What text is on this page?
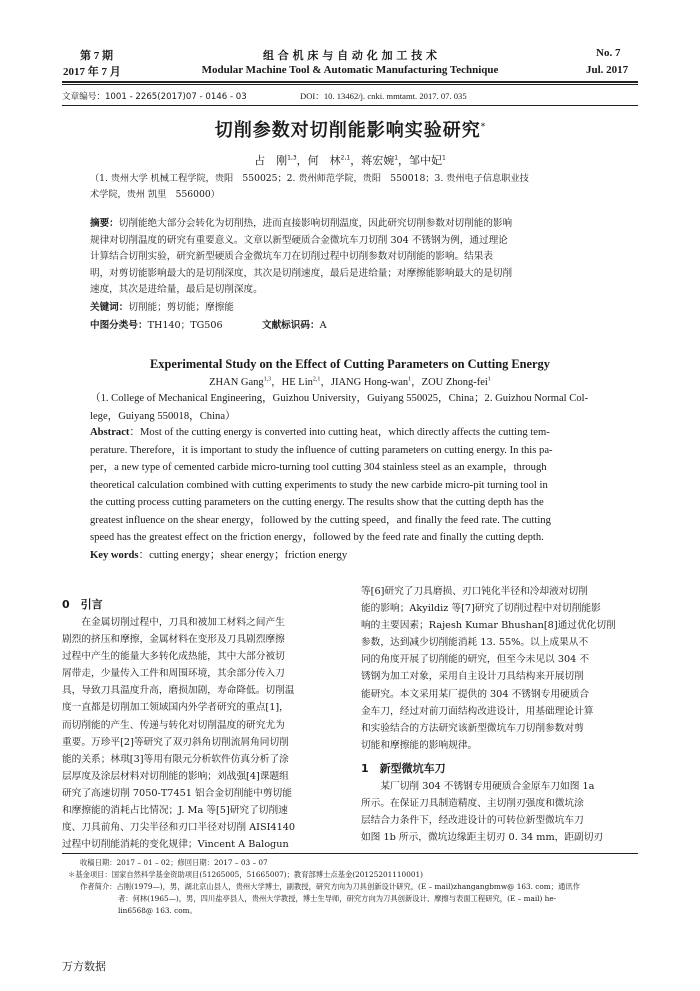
第 7 期
2017 年 7 月
组 合 机 床 与 自 动 化 加 工 技 术
Modular Machine Tool & Automatic Manufacturing Technique
No. 7
Jul. 2017
文章编号：1001 - 2265(2017)07 - 0146 - 03	DOI：10. 13462/j. cnki. mmtamt. 2017. 07. 035
切削参数对切削能影响实验研究*
占　刚$^{1,3}$，何　林$^{2,1}$，蒋宏婉$^1$，邹中妃$^1$
（1. 贵州大学 机械工程学院，贵阳　550025；2. 贵州师范学院，贵阳　550018；3. 贵州电子信息职业技
术学院，贵州 凯里　556000）
摘要：切削能绝大部分会转化为切削热，进而直接影响切削温度，因此研究切削参数对切削能的影响
规律对切削温度的研究有重要意义。文章以新型硬质合金微坑车刀切削 304 不锈钢为例，通过理论
计算结合切削实验，研究新型硬质合金微坑车刀在切削过程中切削参数对切削能的影响。结果表
明，对剪切能影响最大的是切削深度，其次是切削速度，最后是进给量；对摩擦能影响最大的是切削
速度，其次是进给量，最后是切削深度。
关键词：切削能；剪切能；摩擦能
中图分类号：TH140；TG506	文献标识码：A
Experimental Study on the Effect of Cutting Parameters on Cutting Energy
ZHAN Gang$^{1,3}$，HE Lin$^{2,1}$，JIANG Hong-wan$^1$，ZOU Zhong-fei$^1$
（1. College of Mechanical Engineering，Guizhou University，Guiyang 550025，China；2. Guizhou Normal Col-
lege，Guiyang 550018，China）
Abstract：Most of the cutting energy is converted into cutting heat，which directly affects the cutting tem-
perature. Therefore，it is important to study the influence of cutting parameters on cutting energy. In this pa-
per，a new type of cemented carbide micro-turning tool cutting 304 stainless steel as an example，through
theoretical calculation combined with cutting experiments to study the new carbide micro-pit turning tool in
the cutting process cutting parameters on the cutting energy. The results show that the cutting depth has the
greatest influence on the shear energy，followed by the cutting speed，and finally the feed rate. The cutting
speed has the greatest effect on the friction energy，followed by the feed rate and finally the cutting depth.
Key words：cutting energy；shear energy；friction energy
0　引言
　　在金属切削过程中，刀具和被加工材料之间产生
剧烈的挤压和摩擦，金属材料在变形及刀具剧烈摩擦
过程中产生的能量大多转化成热能，其中大部分被切
屑带走，少量传入工件和周围环境，其余部分传入刀
具，导致刀具温度升高，磨损加剧，寿命降低。切削温
度一直都是切削加工领域国内外学者研究的重点[1]，
而切削能的产生、传递与转化对切削温度的研究尤为
重要。万珍平[2]等研究了双刃斜角切削流屑角同切削
能的关系；林琪[3]等用有限元分析软件仿真分析了涂
层厚度及涂层材料对切削能的影响；刘战强[4]课题组
研究了高速切削 7050-T7451 铝合金切削能中剪切能
和摩擦能的消耗占比情况；J. Ma 等[5]研究了切削速
度、刀具前角、刀尖半径和刃口半径对切削 AISI4140
过程中切削能消耗的变化规律；Vincent A Balogun
等[6]研究了刀具磨损、刃口钝化半径和冷却液对切削
能的影响；Akyildiz 等[7]研究了切削过程中对切削能影
响的主要因素；Rajesh Kumar Bhushan[8]通过优化切削
参数，达到减少切削能消耗 13. 55%。以上成果从不
同的角度开展了切削能的研究，但至今未见以 304 不
锈钢为加工对象，采用自主设计刀具结构来开展切削
能研究。本文采用某厂提供的 304 不锈钢专用硬质合
金车刀，经过对前刀面结构改进设计，用基础理论计算
和实验结合的方法研究该新型微坑车刀切削参数对剪
切能和摩擦能的影响规律。
1　新型微坑车刀
　　某厂切削 304 不锈钢专用硬质合金原车刀如图 1a
所示。在保证刀具制造精度、主切削刃强度和微坑涂
层结合力条件下，经改进设计的可转位新型微坑车刀
如图 1b 所示，微坑边缘距主切刃 0. 34 mm，距副切刃
收稿日期：2017 – 01 – 02；修回日期：2017 – 03 – 07
＊基金项目：国家自然科学基金资助项目(51265005，51665007)；教育部博士点基金(20125201110001)
作者简介：占刚(1979—)，男，湖北京山县人，贵州大学博士，副教授，研究方向为刀具创新设计研究，(E – mail)zhangangbmw@ 163. com；通讯作
者：何林(1965—)，男，四川盐亭县人，贵州大学教授，博士生导师，研究方向为刀具创新设计、摩擦与表面工程研究，(E – mail) he-
lin6568@ 163. com。
万方数据
